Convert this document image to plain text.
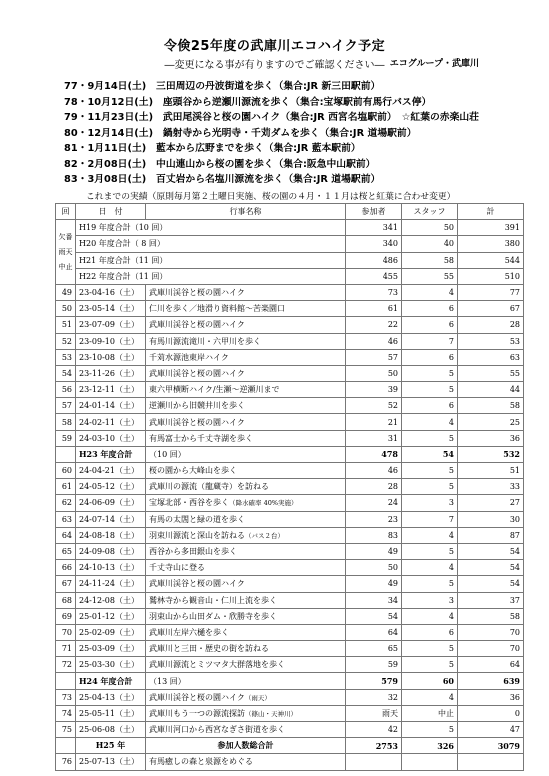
令倹25年度の武庫川エコハイク予定
―変更になる事が有りますのでご確認ください― エコグループ・武庫川
77・9月14日(土)　 三田周辺の丹波街道を歩く（集合:JR 新三田駅前）
78・10月12日(土)　 座頭谷から逆瀬川源流を歩く（集合:宝塚駅前有馬行バス停）
79・11月23日(土)　 武田尾渓谷と桜の園ハイク（集合:JR 西宮名塩駅前）　☆紅葉の赤楽山荘
80・12月14日(土)　 鍋射寺から光明寺・千苅ダムを歩く（集合:JR 道場駅前）
81・1月11日(土)　 藍本から広野までを歩く（集合:JR 藍本駅前）
82・2月08日(土)　 中山連山から桜の園を歩く（集合:阪急中山駅前）
83・3月08日(土)　 百丈岩から名塩川源流を歩く（集合:JR 道場駅前）
これまでの実績（原則毎月第２土曜日実施、桜の園の４月・１１月は桜と紅葉に合わせ変更）
回	日　付	行事名称	参加者	スタッフ	計
欠番雨天中止	H19 年度合計（10 回）		341	50	391
	H20 年度合計（ 8 回）		340	40	380
	H21 年度合計（11 回）		486	58	544
	H22 年度合計（11 回）		455	55	510
49	23-04-16（土）	武庫川渓谷と桜の園ハイク	73	4	77
50	23-05-14（土）	仁川を歩く／地滑り資料館～苦楽園口	61	6	67
51	23-07-09（土）	武庫川渓谷と桜の園ハイク	22	6	28
52	23-09-10（土）	有馬川源流滝川・六甲川を歩く	46	7	53
53	23-10-08（土）	千苅水源池東岸ハイク	57	6	63
54	23-11-26（土）	武庫川渓谷と桜の園ハイク	50	5	55
56	23-12-11（土）	東六甲横断ハイク/生瀬～逆瀬川まで	39	5	44
57	24-01-14（土）	逆瀬川から旧競井川を歩く	52	6	58
58	24-02-11（土）	武庫川渓谷と桜の園ハイク	21	4	25
59	24-03-10（土）	有馬富士から千丈寺湖を歩く	31	5	36
	H23 年度合計	（10 回）	478	54	532
60	24-04-21（土）	桜の園から大峰山を歩く	46	5	51
61	24-05-12（土）	武庫川の源流（龍蔵寺）を訪ねる	28	5	33
62	24-06-09（土）	宝塚北部・西谷を歩く（降水確率 40%実施）	24	3	27
63	24-07-14（土）	有馬の太閤と緑の道を歩く	23	7	30
64	24-08-18（土）	羽束川源流と深山を訪ねる（バス２台）	83	4	87
65	24-09-08（土）	西谷から多田銀山を歩く	49	5	54
66	24-10-13（土）	千丈寺山に登る	50	4	54
67	24-11-24（土）	武庫川渓谷と桜の園ハイク	49	5	54
68	24-12-08（土）	鷲林寺から観音山・仁川上流を歩く	34	3	37
69	25-01-12（土）	羽束山から山田ダム・欣勝寺を歩く	54	4	58
70	25-02-09（土）	武庫川左岸六樋を歩く	64	6	70
71	25-03-09（土）	武庫川と三田・歴史の街を訪ねる	65	5	70
72	25-03-30（土）	武庫川源流とミツマタ大群落地を歩く	59	5	64
	H24 年度合計	（13 回）	579	60	639
73	25-04-13（土）	武庫川渓谷と桜の園ハイク（雨天）	32	4	36
74	25-05-11（土）	武庫川もう一つの源流探訪（篠山・天神川）	雨天	中止	0
75	25-06-08（土）	武庫川河口から西宮なぎさ街道を歩く	42	5	47
	H25 年	参加人数総合計	2753	326	3079
76	25-07-13（土）	有馬癒しの森と泉源をめぐる			
